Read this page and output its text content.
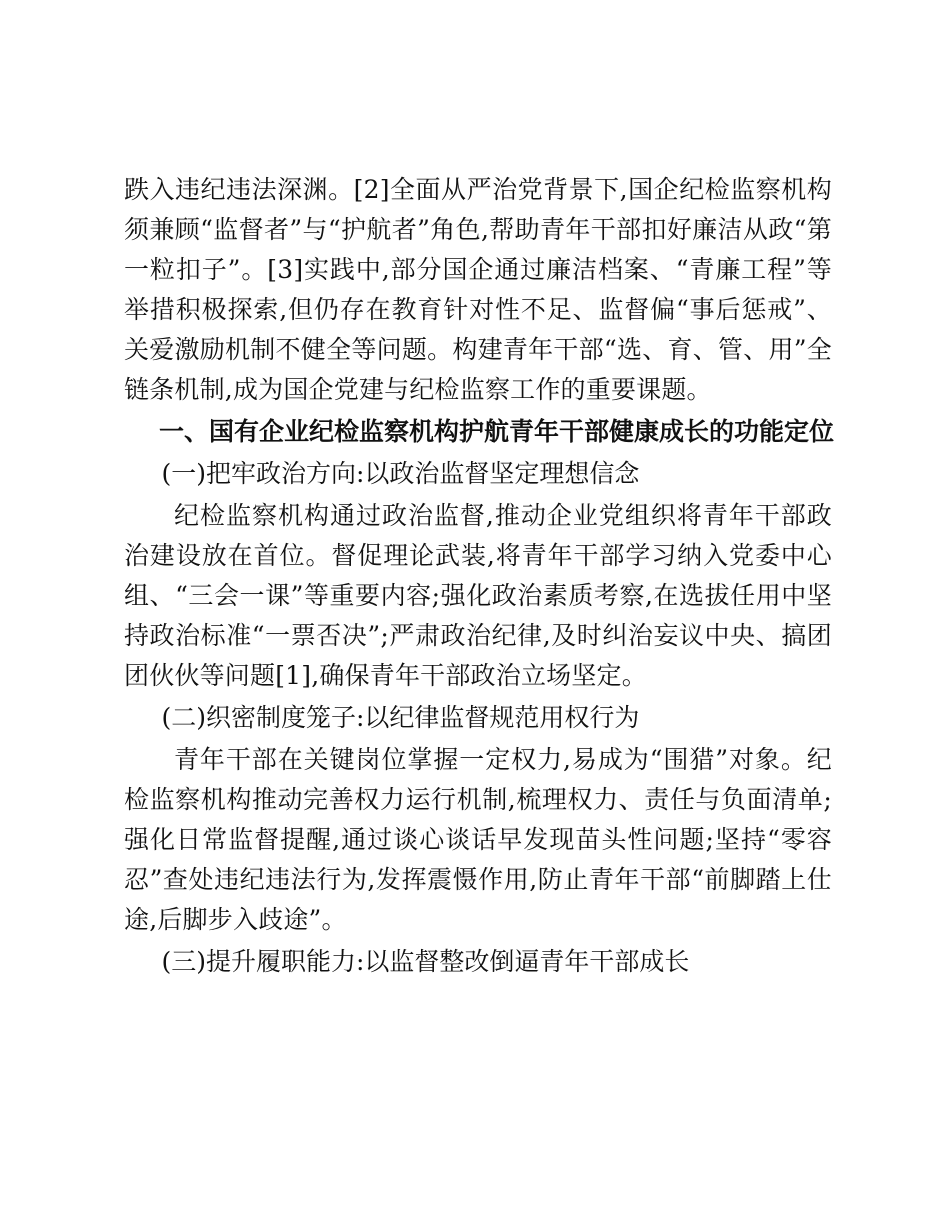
跌入违纪违法深渊。[2]全面从严治党背景下,国企纪检监察机构须兼顾“监督者”与“护航者”角色,帮助青年干部扣好廉洁从政“第一粒扣子”。[3]实践中,部分国企通过廉洁档案、“青廉工程”等举措积极探索,但仍存在教育针对性不足、监督偏“事后惩戒”、关爱激励机制不健全等问题。构建青年干部“选、育、管、用”全链条机制,成为国企党建与纪检监察工作的重要课题。

一、国有企业纪检监察机构护航青年干部健康成长的功能定位
(一)把牢政治方向:以政治监督坚定理想信念

纪检监察机构通过政治监督,推动企业党组织将青年干部政治建设放在首位。督促理论武装,将青年干部学习纳入党委中心组、“三会一课”等重要内容;强化政治素质考察,在选拔任用中坚持政治标准“一票否决”;严肃政治纪律,及时纠治妄议中央、搞团团伙伙等问题[1],确保青年干部政治立场坚定。

(二)织密制度笼子:以纪律监督规范用权行为

青年干部在关键岗位掌握一定权力,易成为“围猎”对象。纪检监察机构推动完善权力运行机制,梳理权力、责任与负面清单;强化日常监督提醒,通过谈心谈话早发现苗头性问题;坚持“零容忍”查处违纪违法行为,发挥震慑作用,防止青年干部“前脚踏上仕途,后脚步入歧途”。

(三)提升履职能力:以监督整改倒逼青年干部成长
